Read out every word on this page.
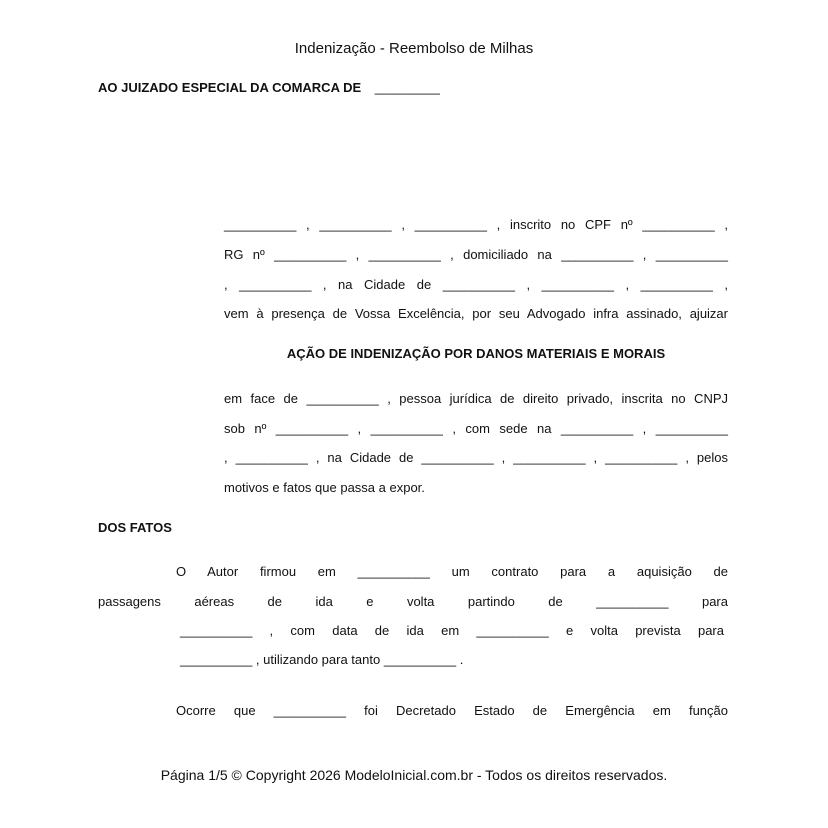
Indenização - Reembolso de Milhas
AO JUIZADO ESPECIAL DA COMARCA DE _________
__________ , __________ , __________ , inscrito no CPF nº __________ ,
RG nº __________ , __________ , domiciliado na __________ , __________
, __________ , na Cidade de __________ , __________ , __________ ,
vem à presença de Vossa Excelência, por seu Advogado infra assinado, ajuizar
AÇÃO DE INDENIZAÇÃO POR DANOS MATERIAIS E MORAIS
em face de __________ , pessoa jurídica de direito privado, inscrita no CNPJ
sob nº __________ , __________ , com sede na __________ , __________
, __________ , na Cidade de __________ , __________ , __________ , pelos
motivos e fatos que passa a expor.
DOS FATOS
O Autor firmou em __________ um contrato para a aquisição de
passagens aéreas de ida e volta partindo de __________ para
__________ , com data de ida em __________ e volta prevista para
__________ , utilizando para tanto __________ .
Ocorre que __________ foi Decretado Estado de Emergência em função
Página 1/5 © Copyright 2026 ModeloInicial.com.br - Todos os direitos reservados.
